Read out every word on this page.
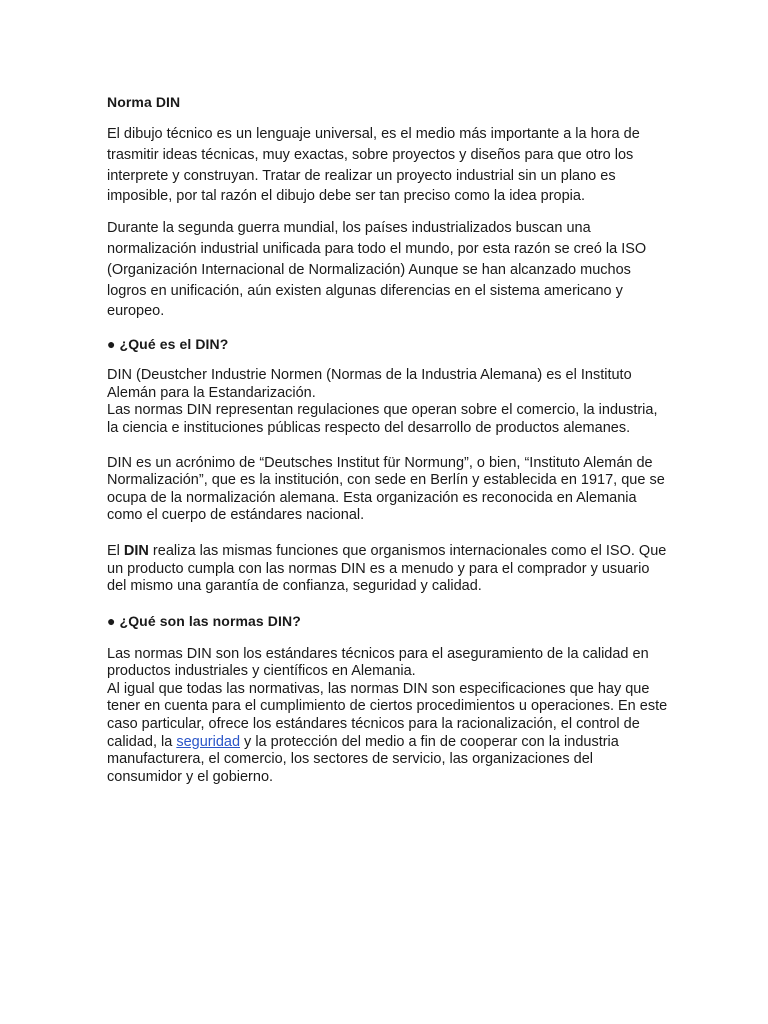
Norma DIN

El dibujo técnico es un lenguaje universal, es el medio más importante a la hora de trasmitir ideas técnicas, muy exactas, sobre proyectos y diseños para que otro los interprete y construyan. Tratar de realizar un proyecto industrial sin un plano es imposible, por tal razón el dibujo debe ser tan preciso como la idea propia.

Durante la segunda guerra mundial, los países industrializados buscan una normalización industrial unificada para todo el mundo, por esta razón se creó la ISO (Organización Internacional de Normalización) Aunque se han alcanzado muchos logros en unificación, aún existen algunas diferencias en el sistema americano y europeo.

● ¿Qué es el DIN?

DIN (Deustcher Industrie Normen (Normas de la Industria Alemana) es el Instituto Alemán para la Estandarización.

Las normas DIN representan regulaciones que operan sobre el comercio, la industria, la ciencia e instituciones públicas respecto del desarrollo de productos alemanes.

DIN es un acrónimo de “Deutsches Institut für Normung”, o bien, “Instituto Alemán de Normalización”, que es la institución, con sede en Berlín y establecida en 1917, que se ocupa de la normalización alemana. Esta organización es reconocida en Alemania como el cuerpo de estándares nacional.

El DIN realiza las mismas funciones que organismos internacionales como el ISO. Que un producto cumpla con las normas DIN es a menudo y para el comprador y usuario del mismo una garantía de confianza, seguridad y calidad.

● ¿Qué son las normas DIN?

Las normas DIN son los estándares técnicos para el aseguramiento de la calidad en productos industriales y científicos en Alemania.

Al igual que todas las normativas, las normas DIN son especificaciones que hay que tener en cuenta para el cumplimiento de ciertos procedimientos u operaciones. En este caso particular, ofrece los estándares técnicos para la racionalización, el control de calidad, la seguridad y la protección del medio a fin de cooperar con la industria manufacturera, el comercio, los sectores de servicio, las organizaciones del consumidor y el gobierno.
